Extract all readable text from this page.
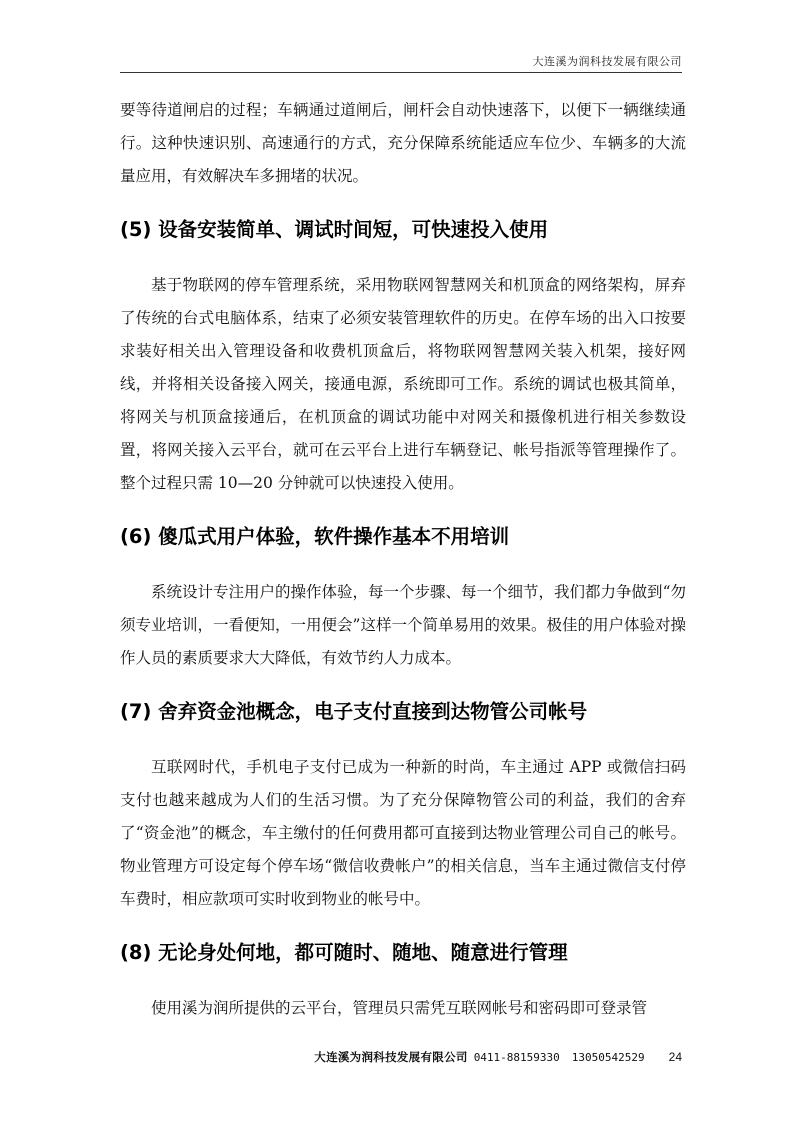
大连溪为润科技发展有限公司

要等待道闸启的过程；车辆通过道闸后，闸杆会自动快速落下，以便下一辆继续通行。这种快速识别、高速通行的方式，充分保障系统能适应车位少、车辆多的大流量应用，有效解决车多拥堵的状况。

(5) 设备安装简单、调试时间短，可快速投入使用

基于物联网的停车管理系统，采用物联网智慧网关和机顶盒的网络架构，屏弃了传统的台式电脑体系，结束了必须安装管理软件的历史。在停车场的出入口按要求装好相关出入管理设备和收费机顶盒后，将物联网智慧网关装入机架，接好网线，并将相关设备接入网关，接通电源，系统即可工作。系统的调试也极其简单，将网关与机顶盒接通后，在机顶盒的调试功能中对网关和摄像机进行相关参数设置，将网关接入云平台，就可在云平台上进行车辆登记、帐号指派等管理操作了。整个过程只需 10—20 分钟就可以快速投入使用。

(6) 傻瓜式用户体验，软件操作基本不用培训

系统设计专注用户的操作体验，每一个步骤、每一个细节，我们都力争做到“勿须专业培训，一看便知，一用便会”这样一个简单易用的效果。极佳的用户体验对操作人员的素质要求大大降低，有效节约人力成本。

(7) 舍弃资金池概念，电子支付直接到达物管公司帐号

互联网时代，手机电子支付已成为一种新的时尚，车主通过 APP 或微信扫码支付也越来越成为人们的生活习惯。为了充分保障物管公司的利益，我们的舍弃了“资金池”的概念，车主缴付的任何费用都可直接到达物业管理公司自己的帐号。物业管理方可设定每个停车场“微信收费帐户”的相关信息，当车主通过微信支付停车费时，相应款项可实时收到物业的帐号中。

(8) 无论身处何地，都可随时、随地、随意进行管理

使用溪为润所提供的云平台，管理员只需凭互联网帐号和密码即可登录管

大连溪为润科技发展有限公司 0411-88159330 13050542529 24
